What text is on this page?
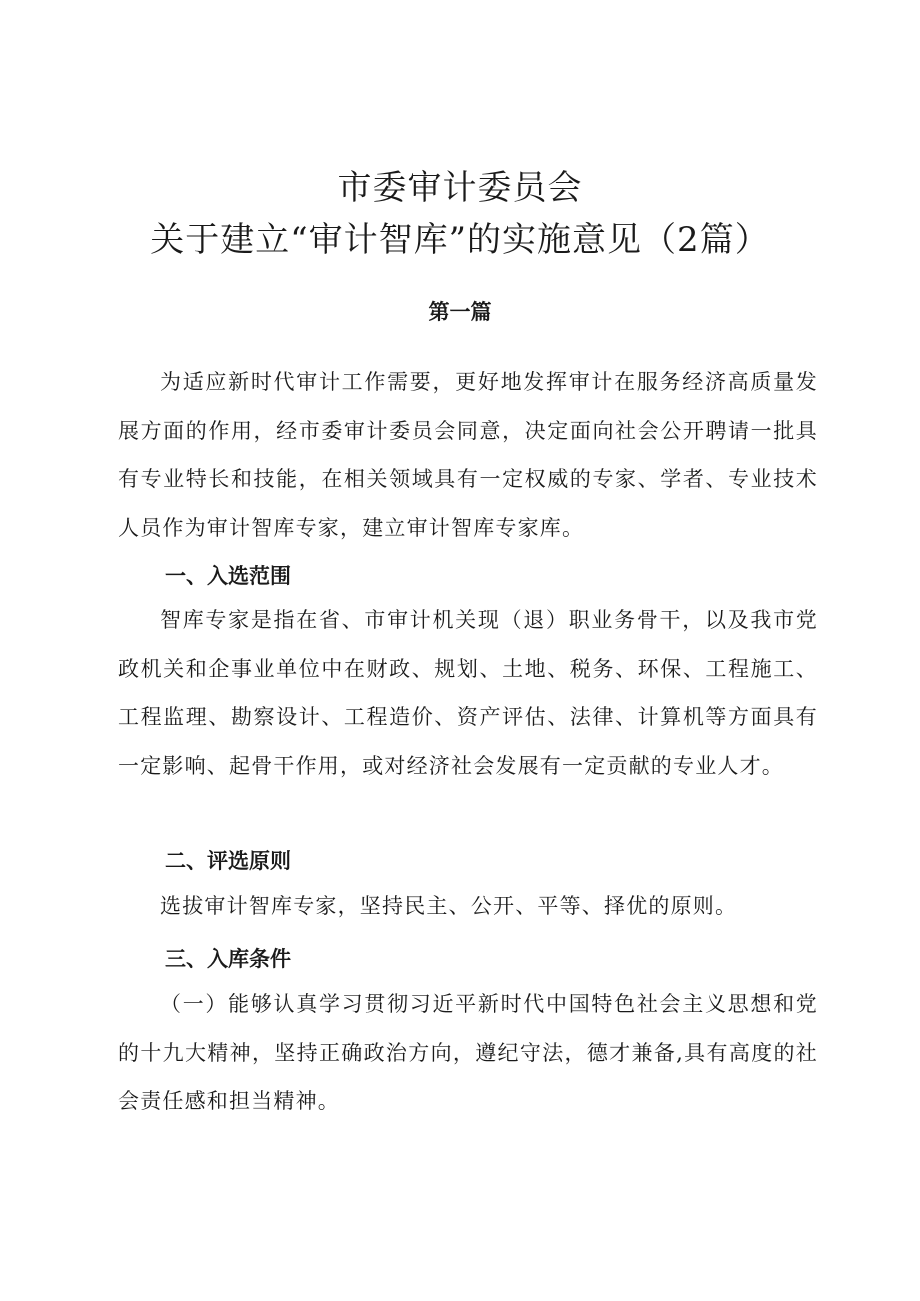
市委审计委员会
关于建立“审计智库”的实施意见（2篇）
第一篇

为适应新时代审计工作需要，更好地发挥审计在服务经济高质量发展方面的作用，经市委审计委员会同意，决定面向社会公开聘请一批具有专业特长和技能，在相关领域具有一定权威的专家、学者、专业技术人员作为审计智库专家，建立审计智库专家库。

一、入选范围

智库专家是指在省、市审计机关现（退）职业务骨干，以及我市党政机关和企事业单位中在财政、规划、土地、税务、环保、工程施工、工程监理、勘察设计、工程造价、资产评估、法律、计算机等方面具有一定影响、起骨干作用，或对经济社会发展有一定贡献的专业人才。

二、评选原则

选拔审计智库专家，坚持民主、公开、平等、择优的原则。

三、入库条件

（一）能够认真学习贯彻习近平新时代中国特色社会主义思想和党的十九大精神，坚持正确政治方向，遵纪守法，德才兼备,具有高度的社会责任感和担当精神。
